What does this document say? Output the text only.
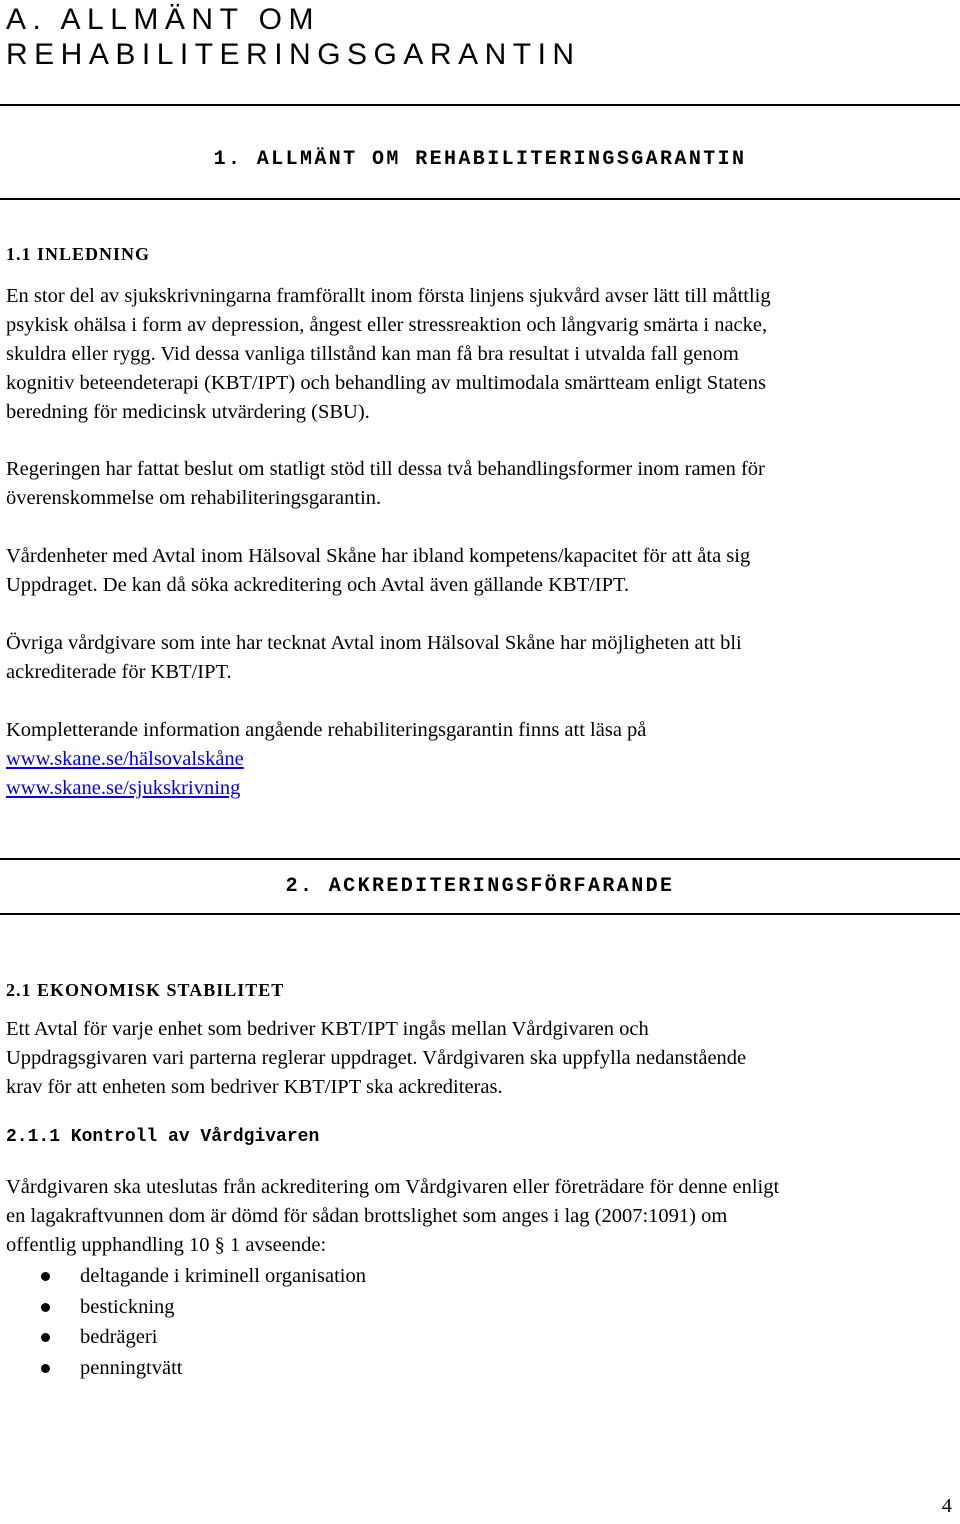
A. ALLMÄNT OM
REHABILITERINGSGARANTIN
1. ALLMÄNT OM REHABILITERINGSGARANTIN
1.1 INLEDNING

En stor del av sjukskrivningarna framförallt inom första linjens sjukvård avser lätt till måttlig
psykisk ohälsa i form av depression, ångest eller stressreaktion och långvarig smärta i nacke,
skuldra eller rygg. Vid dessa vanliga tillstånd kan man få bra resultat i utvalda fall genom
kognitiv beteendeterapi (KBT/IPT) och behandling av multimodala smärtteam enligt Statens
beredning för medicinsk utvärdering (SBU).

Regeringen har fattat beslut om statligt stöd till dessa två behandlingsformer inom ramen för
överenskommelse om rehabiliteringsgarantin.

Vårdenheter med Avtal inom Hälsoval Skåne har ibland kompetens/kapacitet för att åta sig
Uppdraget. De kan då söka ackreditering och Avtal även gällande KBT/IPT.

Övriga vårdgivare som inte har tecknat Avtal inom Hälsoval Skåne har möjligheten att bli
ackrediterade för KBT/IPT.

Kompletterande information angående rehabiliteringsgarantin finns att läsa på

www.skane.se/hälsovalskåne
www.skane.se/sjukskrivning
2. ACKREDITERINGSFÖRFARANDE
2.1 EKONOMISK STABILITET

Ett Avtal för varje enhet som bedriver KBT/IPT ingås mellan Vårdgivaren och
Uppdragsgivaren vari parterna reglerar uppdraget. Vårdgivaren ska uppfylla nedanstående
krav för att enheten som bedriver KBT/IPT ska ackrediteras.

2.1.1 Kontroll av Vårdgivaren

Vårdgivaren ska uteslutas från ackreditering om Vårdgivaren eller företrädare för denne enligt
en lagakraftvunnen dom är dömd för sådan brottslighet som anges i lag (2007:1091) om
offentlig upphandling 10 § 1 avseende:

deltagande i kriminell organisation
bestickning
bedrägeri
penningtvätt
4
